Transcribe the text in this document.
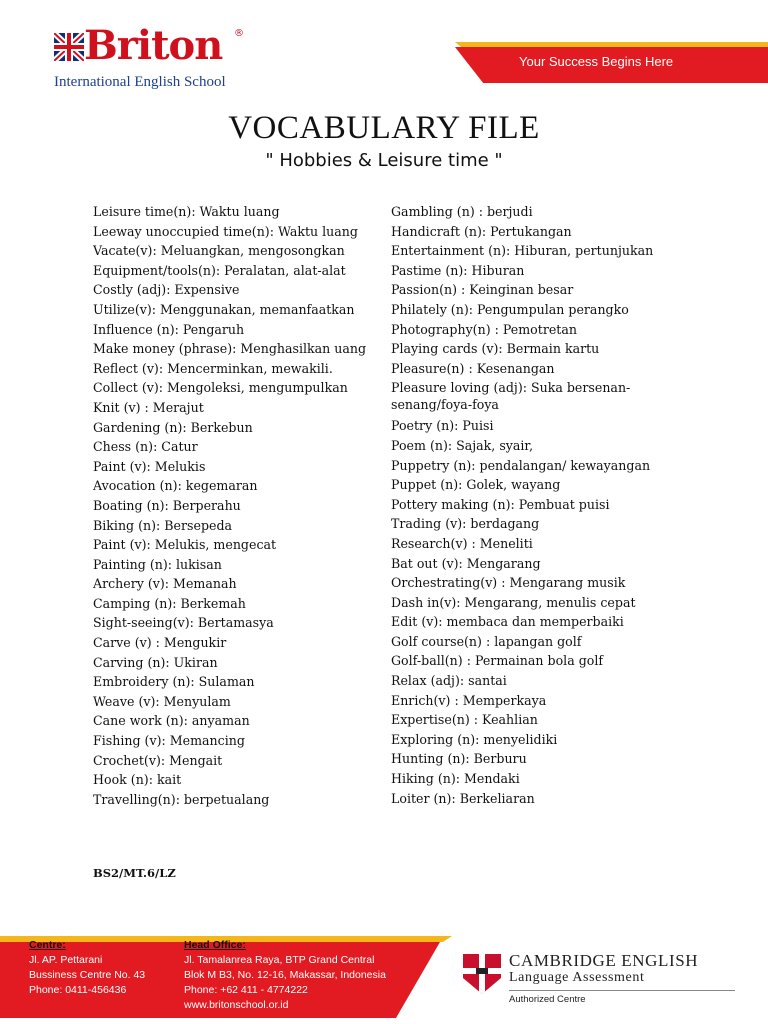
Briton ®
International English School
Your Success Begins Here
VOCABULARY FILE
" Hobbies & Leisure time "
Leisure time(n): Waktu luang
Leeway unoccupied time(n): Waktu luang
Vacate(v): Meluangkan, mengosongkan
Equipment/tools(n): Peralatan, alat-alat
Costly (adj): Expensive
Utilize(v): Menggunakan, memanfaatkan
Influence (n): Pengaruh
Make money (phrase): Menghasilkan uang
Reflect (v): Mencerminkan, mewakili.
Collect (v): Mengoleksi, mengumpulkan
Knit (v) : Merajut
Gardening (n): Berkebun
Chess (n): Catur
Paint (v): Melukis
Avocation (n): kegemaran
Boating (n): Berperahu
Biking (n): Bersepeda
Paint (v): Melukis, mengecat
Painting (n): lukisan
Archery (v): Memanah
Camping (n): Berkemah
Sight-seeing(v): Bertamasya
Carve (v) : Mengukir
Carving (n): Ukiran
Embroidery (n): Sulaman
Weave (v): Menyulam
Cane work (n): anyaman
Fishing (v): Memancing
Crochet(v): Mengait
Hook (n): kait
Travelling(n): berpetualang
Gambling (n) : berjudi
Handicraft (n): Pertukangan
Entertainment (n): Hiburan, pertunjukan
Pastime (n): Hiburan
Passion(n) : Keinginan besar
Philately (n): Pengumpulan perangko
Photography(n) : Pemotretan
Playing cards (v): Bermain kartu
Pleasure(n) : Kesenangan
Pleasure loving (adj): Suka bersenan-senang/foya-foya
Poetry (n): Puisi
Poem (n): Sajak, syair,
Puppetry (n): pendalangan/ kewayangan
Puppet (n): Golek, wayang
Pottery making (n): Pembuat puisi
Trading (v): berdagang
Research(v) : Meneliti
Bat out (v): Mengarang
Orchestrating(v) : Mengarang musik
Dash in(v): Mengarang, menulis cepat
Edit (v): membaca dan memperbaiki
Golf course(n) : lapangan golf
Golf-ball(n) : Permainan bola golf
Relax (adj): santai
Enrich(v) : Memperkaya
Expertise(n) : Keahlian
Exploring (n): menyelidiki
Hunting (n): Berburu
Hiking (n): Mendaki
Loiter (n): Berkeliaran
BS2/MT.6/LZ
Centre:
Jl. AP. Pettarani
Bussiness Centre No. 43
Phone: 0411-456436
Head Office:
Jl. Tamalanrea Raya, BTP Grand Central
Blok M B3, No. 12-16, Makassar, Indonesia
Phone: +62 411 - 4774222
www.britonschool.or.id
CAMBRIDGE ENGLISH
Language Assessment
Authorized Centre
